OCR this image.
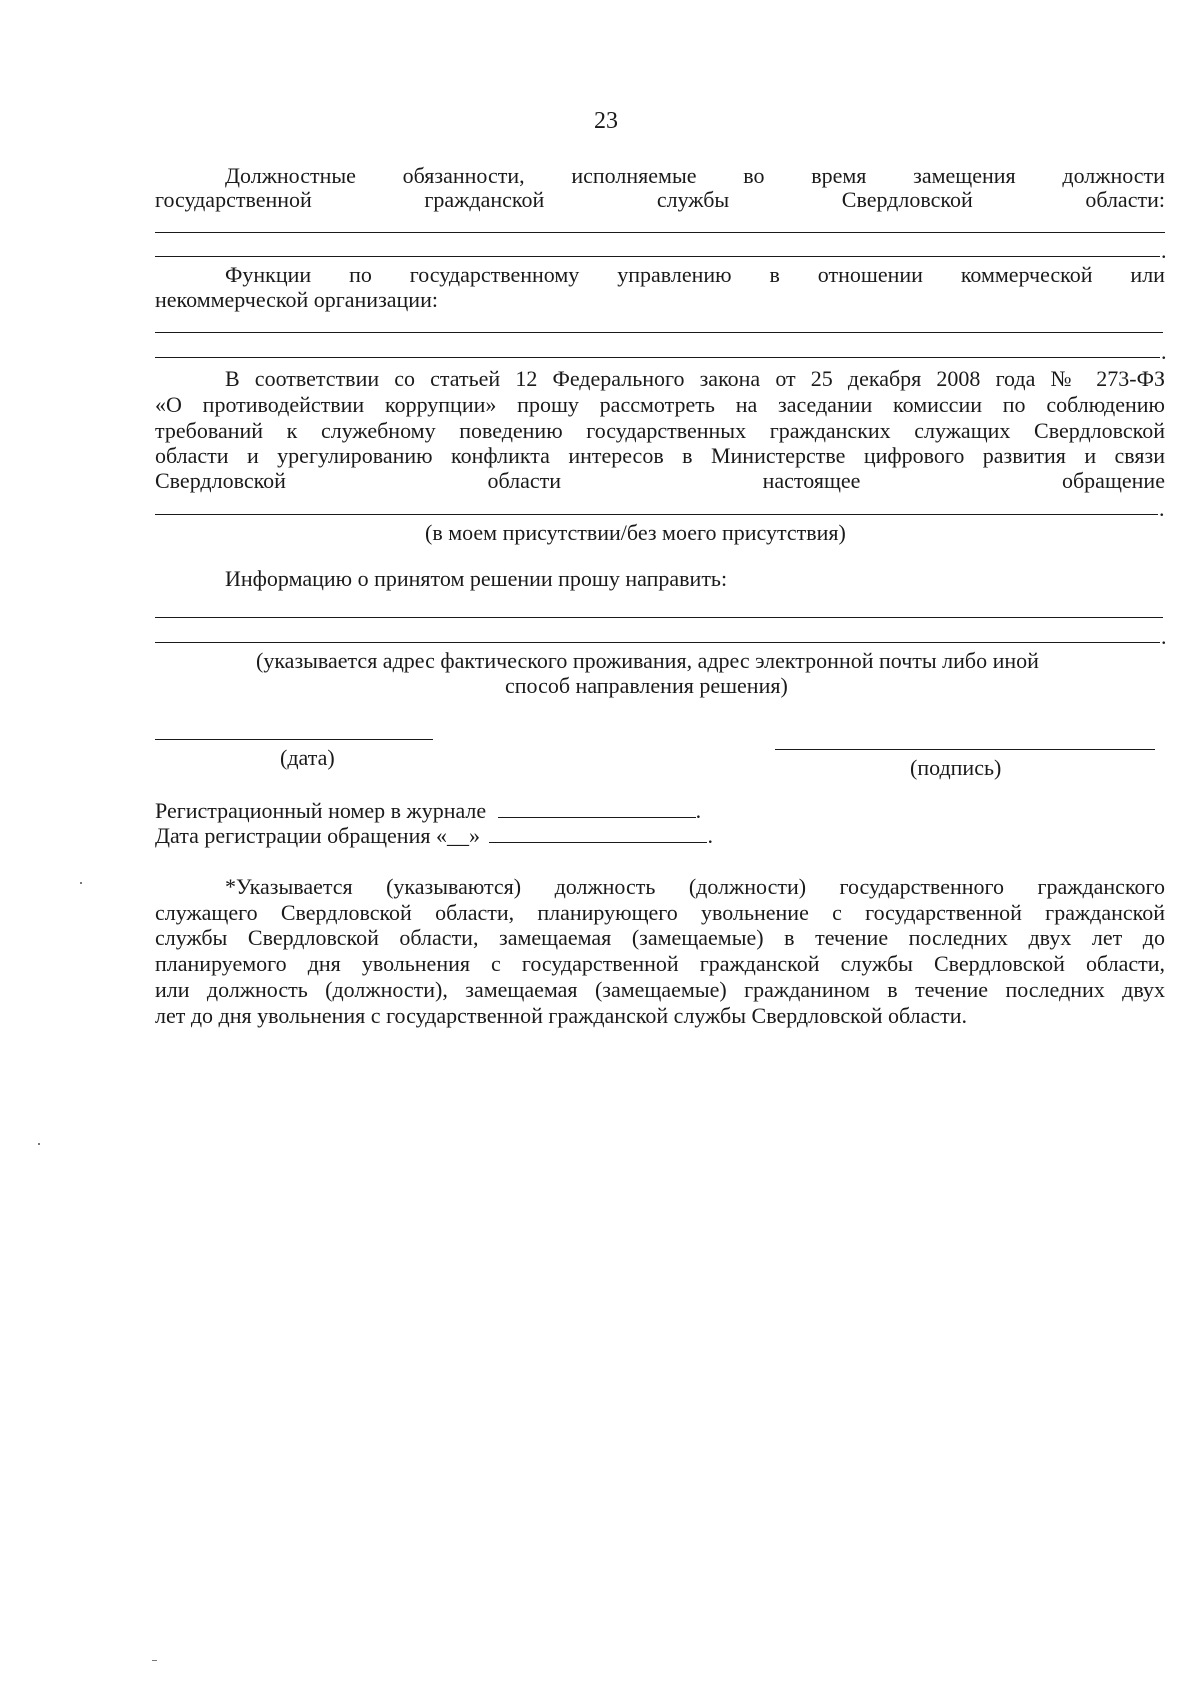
23
Должностные обязанности, исполняемые во время замещения должности
государственной	гражданской	службы	Свердловской	области:
.
Функции по государственному управлению в отношении коммерческой или
некоммерческой организации:
.
В соответствии со статьей 12 Федерального закона от 25 декабря 2008 года № 273-ФЗ
«О противодействии коррупции» прошу рассмотреть на заседании комиссии по соблюдению
требований к служебному поведению государственных гражданских служащих Свердловской
области и урегулированию конфликта интересов в Министерстве цифрового развития и связи
Свердловской	области	настоящее	обращение
.
(в моем присутствии/без моего присутствия)
Информацию о принятом решении прошу направить:
.
(указывается адрес фактического проживания, адрес электронной почты либо иной
способ направления решения)
(дата)	(подпись)
Регистрационный номер в журнале	.
Дата регистрации обращения «__»	.
*Указывается (указываются) должность (должности) государственного гражданского
служащего Свердловской области, планирующего увольнение с государственной гражданской
службы Свердловской области, замещаемая (замещаемые) в течение последних двух лет до
планируемого дня увольнения с государственной гражданской службы Свердловской области,
или должность (должности), замещаемая (замещаемые) гражданином в течение последних двух
лет до дня увольнения с государственной гражданской службы Свердловской области.
